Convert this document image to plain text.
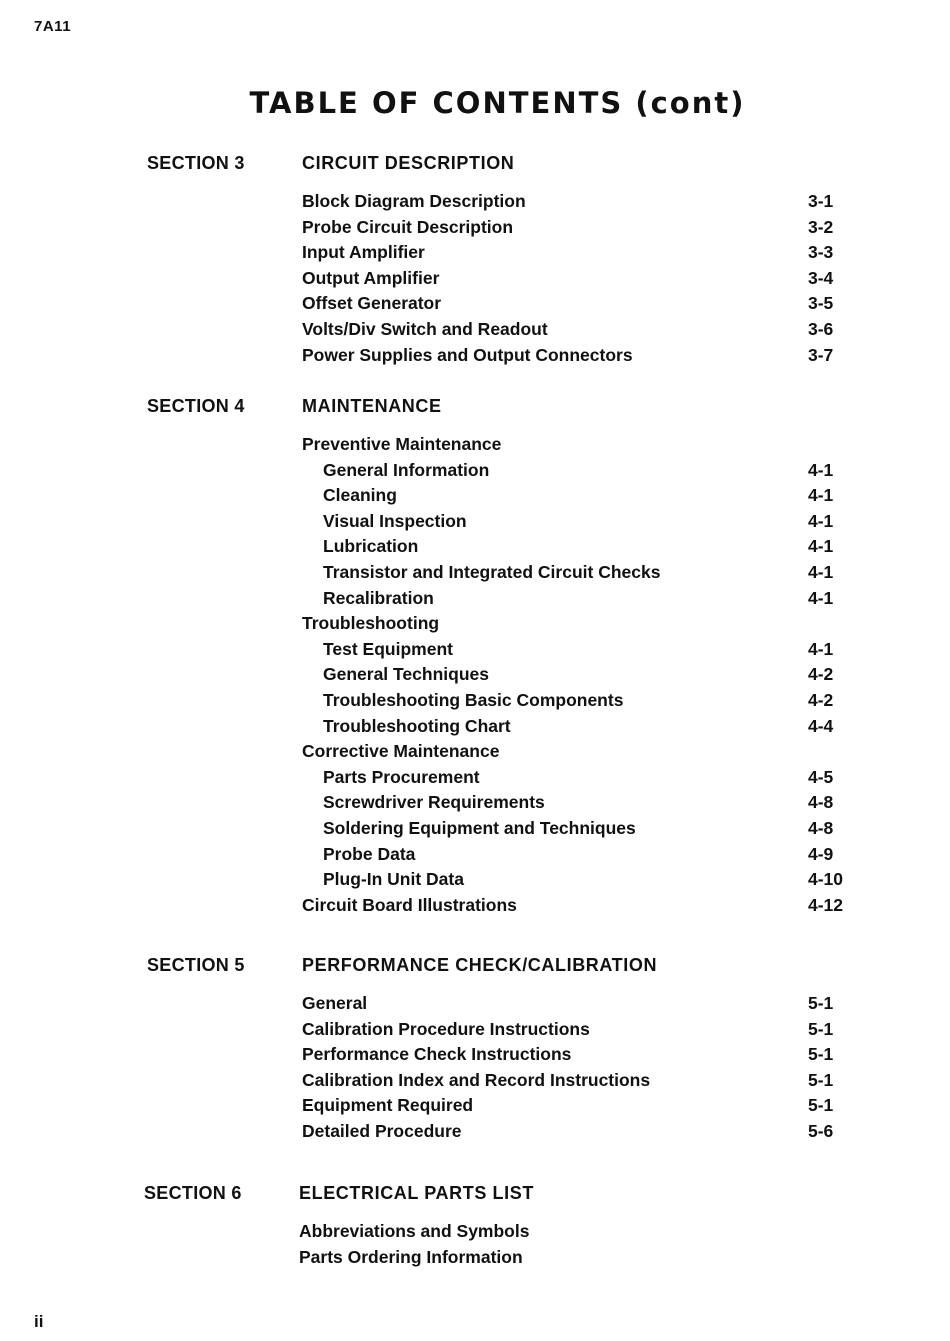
7A11
TABLE OF CONTENTS (cont)
SECTION 3	CIRCUIT DESCRIPTION
Block Diagram Description	3-1
Probe Circuit Description	3-2
Input Amplifier	3-3
Output Amplifier	3-4
Offset Generator	3-5
Volts/Div Switch and Readout	3-6
Power Supplies and Output Connectors	3-7
SECTION 4	MAINTENANCE
Preventive Maintenance
General Information	4-1
Cleaning	4-1
Visual Inspection	4-1
Lubrication	4-1
Transistor and Integrated Circuit Checks	4-1
Recalibration	4-1
Troubleshooting
Test Equipment	4-1
General Techniques	4-2
Troubleshooting Basic Components	4-2
Troubleshooting Chart	4-4
Corrective Maintenance
Parts Procurement	4-5
Screwdriver Requirements	4-8
Soldering Equipment and Techniques	4-8
Probe Data	4-9
Plug-In Unit Data	4-10
Circuit Board Illustrations	4-12
SECTION 5	PERFORMANCE CHECK/CALIBRATION
General	5-1
Calibration Procedure Instructions	5-1
Performance Check Instructions	5-1
Calibration Index and Record Instructions	5-1
Equipment Required	5-1
Detailed Procedure	5-6
SECTION 6	ELECTRICAL PARTS LIST
Abbreviations and Symbols
Parts Ordering Information
ii
